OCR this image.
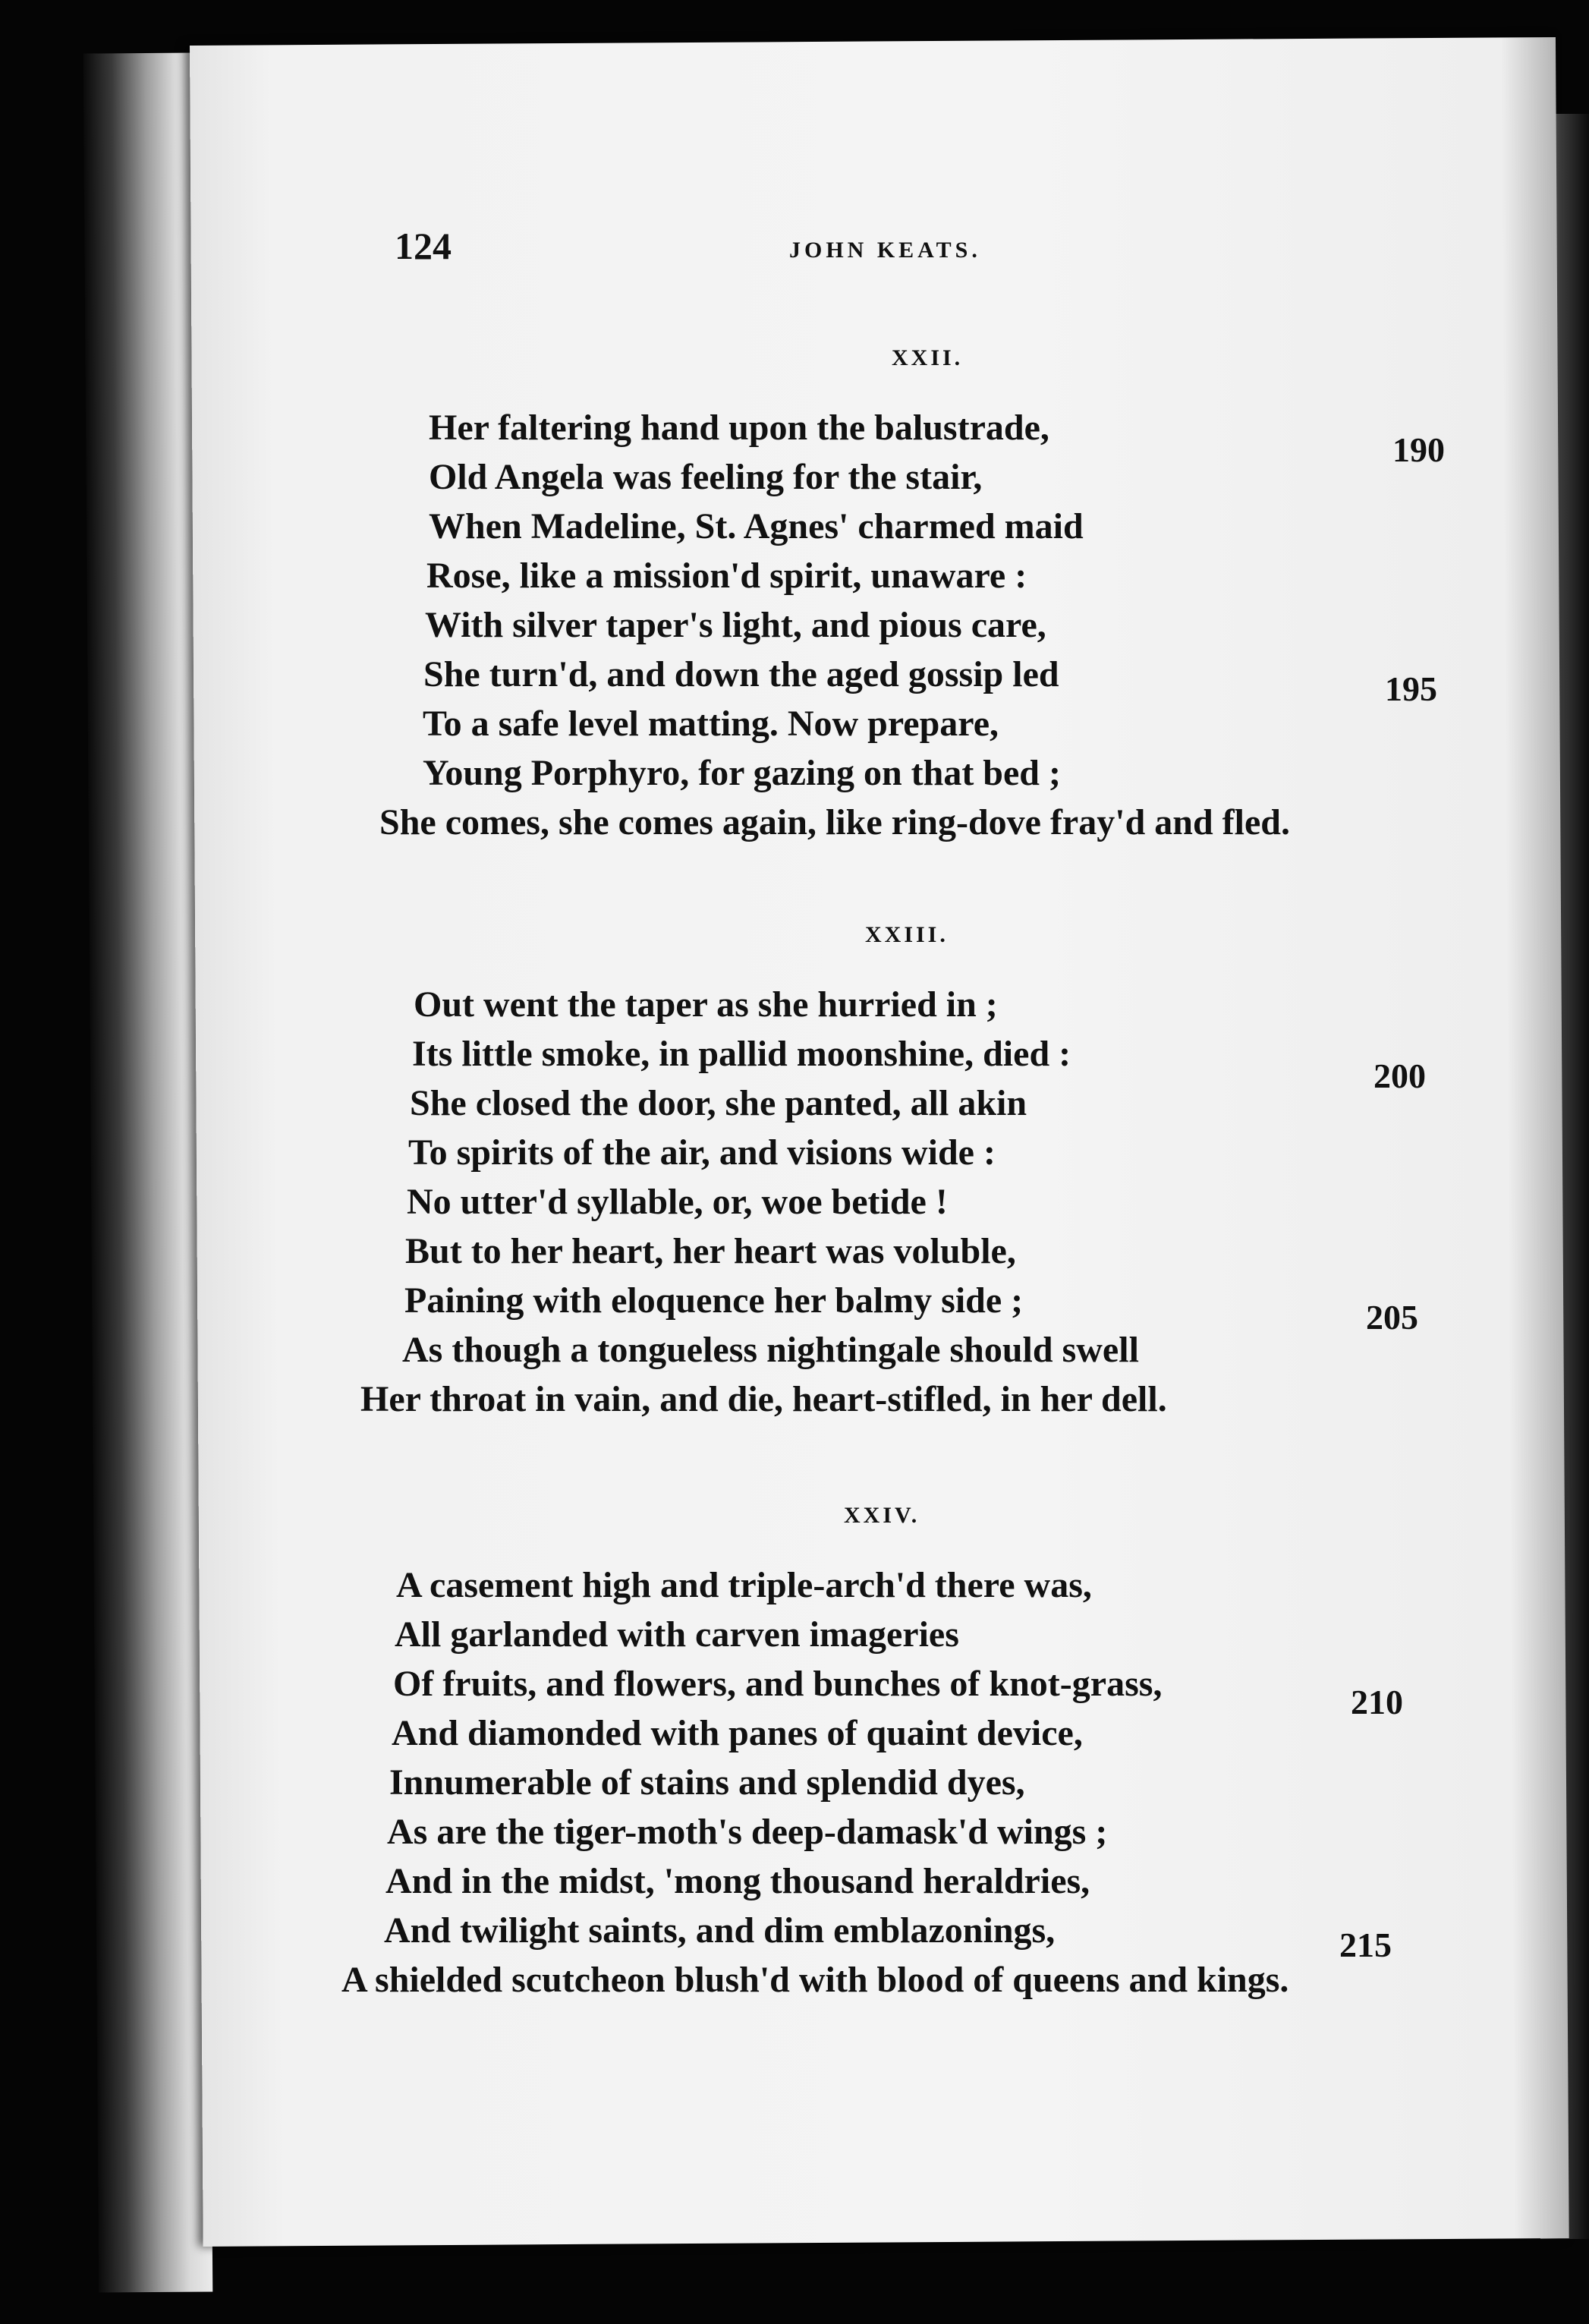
124	JOHN KEATS.
XXII.
Her faltering hand upon the balustrade,
Old Angela was feeling for the stair,
When Madeline, St. Agnes' charmed maid
Rose, like a mission'd spirit, unaware :
With silver taper's light, and pious care,
She turn'd, and down the aged gossip led
To a safe level matting. Now prepare,
Young Porphyro, for gazing on that bed ;
She comes, she comes again, like ring-dove fray'd and fled.
190
195
XXIII.
Out went the taper as she hurried in ;
Its little smoke, in pallid moonshine, died :
She closed the door, she panted, all akin
To spirits of the air, and visions wide :
No utter'd syllable, or, woe betide !
But to her heart, her heart was voluble,
Paining with eloquence her balmy side ;
As though a tongueless nightingale should swell
Her throat in vain, and die, heart-stifled, in her dell.
200
205
XXIV.
A casement high and triple-arch'd there was,
All garlanded with carven imageries
Of fruits, and flowers, and bunches of knot-grass,
And diamonded with panes of quaint device,
Innumerable of stains and splendid dyes,
As are the tiger-moth's deep-damask'd wings ;
And in the midst, 'mong thousand heraldries,
And twilight saints, and dim emblazonings,
A shielded scutcheon blush'd with blood of queens and kings.
210
215
